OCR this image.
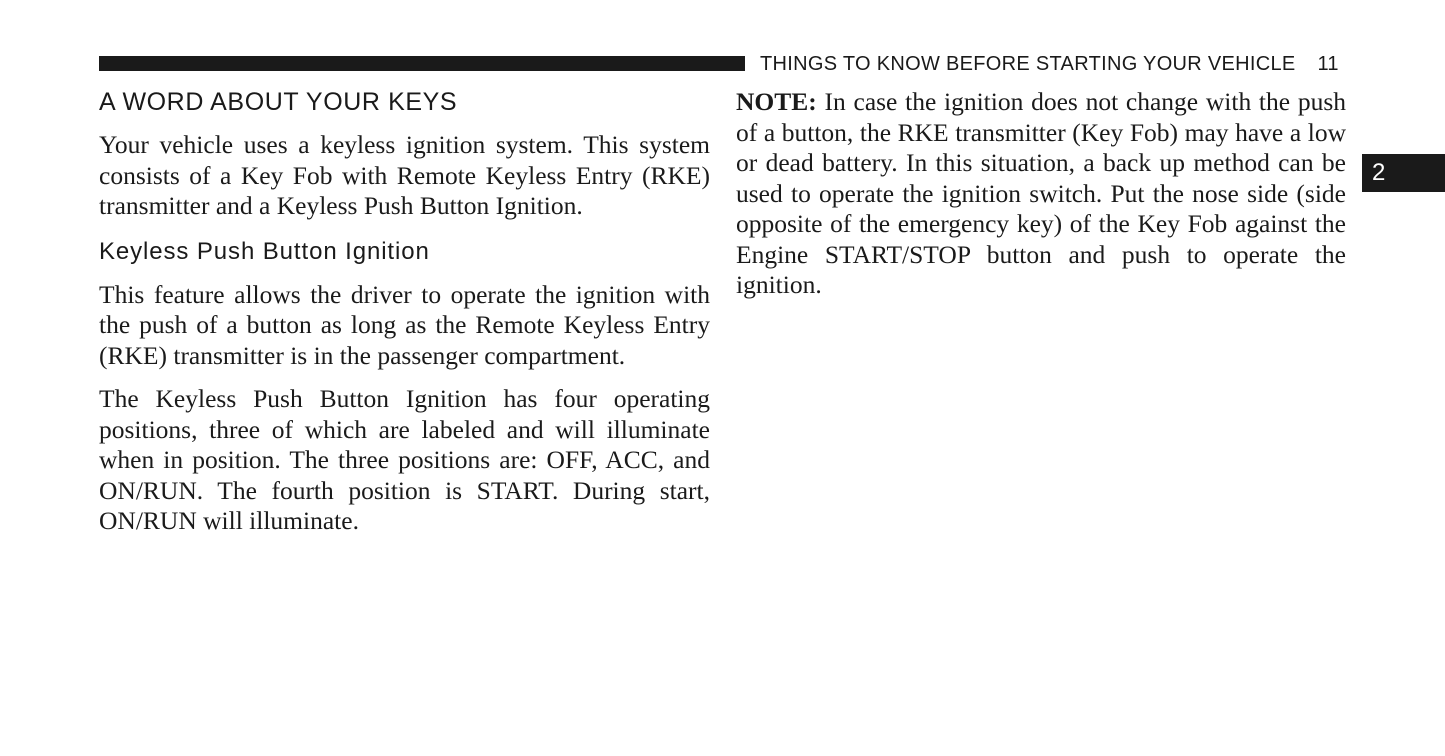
THINGS TO KNOW BEFORE STARTING YOUR VEHICLE 11
2
A WORD ABOUT YOUR KEYS

Your vehicle uses a keyless ignition system. This system consists of a Key Fob with Remote Keyless Entry (RKE) transmitter and a Keyless Push Button Ignition.

Keyless Push Button Ignition

This feature allows the driver to operate the ignition with the push of a button as long as the Remote Keyless Entry (RKE) transmitter is in the passenger compartment.

The Keyless Push Button Ignition has four operating positions, three of which are labeled and will illuminate when in position. The three positions are: OFF, ACC, and ON/RUN. The fourth position is START. During start, ON/RUN will illuminate.

NOTE: In case the ignition does not change with the push of a button, the RKE transmitter (Key Fob) may have a low or dead battery. In this situation, a back up method can be used to operate the ignition switch. Put the nose side (side opposite of the emergency key) of the Key Fob against the Engine START/STOP button and push to operate the ignition.
